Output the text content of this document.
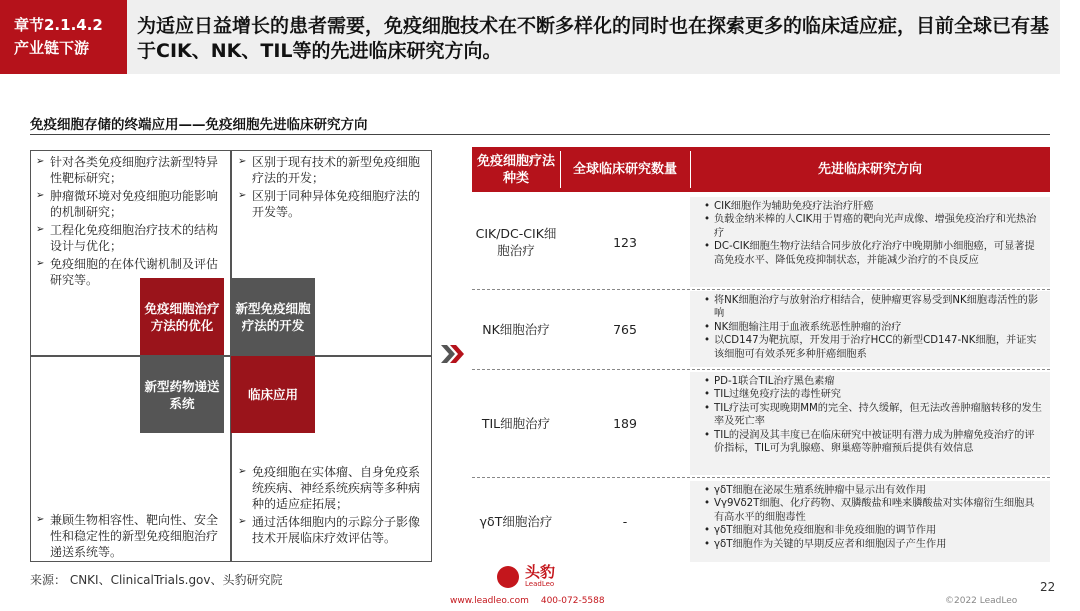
章节2.1.4.2
产业链下游
为适应日益增长的患者需要，免疫细胞技术在不断多样化的同时也在探索更多的临床适应症，目前全球已有基于CIK、NK、TIL等的先进临床研究方向。
免疫细胞存储的终端应用——免疫细胞先进临床研究方向
➢ 针对各类免疫细胞疗法新型特异性靶标研究；
➢ 肿瘤微环境对免疫细胞功能影响的机制研究；
➢ 工程化免疫细胞治疗技术的结构设计与优化；
➢ 免疫细胞的在体代谢机制及评估研究等。
➢ 区别于现有技术的新型免疫细胞疗法的开发；
➢ 区别于同种异体免疫细胞疗法的开发等。
➢ 兼顾生物相容性、靶向性、安全性和稳定性的新型免疫细胞治疗递送系统等。
➢ 免疫细胞在实体瘤、自身免疫系统疾病、神经系统疾病等多种病种的适应症拓展；
➢ 通过活体细胞内的示踪分子影像技术开展临床疗效评估等。
免疫细胞治疗方法的优化
新型免疫细胞疗法的开发
新型药物递送系统
临床应用
免疫细胞疗法种类
全球临床研究数量	先进临床研究方向
CIK/DC-CIK细胞治疗
123
• CIK细胞作为辅助免疫疗法治疗肝癌
• 负载金纳米棒的人CIK用于胃癌的靶向光声成像、增强免疫治疗和光热治疗
• DC-CIK细胞生物疗法结合同步放化疗治疗中晚期肺小细胞癌，可显著提高免疫水平、降低免疫抑制状态，并能减少治疗的不良反应
NK细胞治疗	765
• 将NK细胞治疗与放射治疗相结合，使肿瘤更容易受到NK细胞毒活性的影响
• NK细胞输注用于血液系统恶性肿瘤的治疗
• 以CD147为靶抗原，开发用于治疗HCC的新型CD147-NK细胞，并证实该细胞可有效杀死多种肝癌细胞系
TIL细胞治疗	189
• PD-1联合TIL治疗黑色素瘤
• TIL过继免疫疗法的毒性研究
• TIL疗法可实现晚期MM的完全、持久缓解，但无法改善肿瘤脑转移的发生率及死亡率
• TIL的浸润及其丰度已在临床研究中被证明有潜力成为肿瘤免疫治疗的评价指标，TIL可为乳腺癌、卵巢癌等肿瘤预后提供有效信息
γδT细胞治疗	-
• γδT细胞在泌尿生殖系统肿瘤中显示出有效作用
• Vγ9Vδ2T细胞、化疗药物、双膦酸盐和唑来膦酸盐对实体瘤衍生细胞具有高水平的细胞毒性
• γδT细胞对其他免疫细胞和非免疫细胞的调节作用
• γδT细胞作为关键的早期反应者和细胞因子产生作用
来源： CNKI、ClinicalTrials.gov、头豹研究院	22
头豹
LeadLeo
www.leadleo.com 400-072-5588	©2022 LeadLeo
